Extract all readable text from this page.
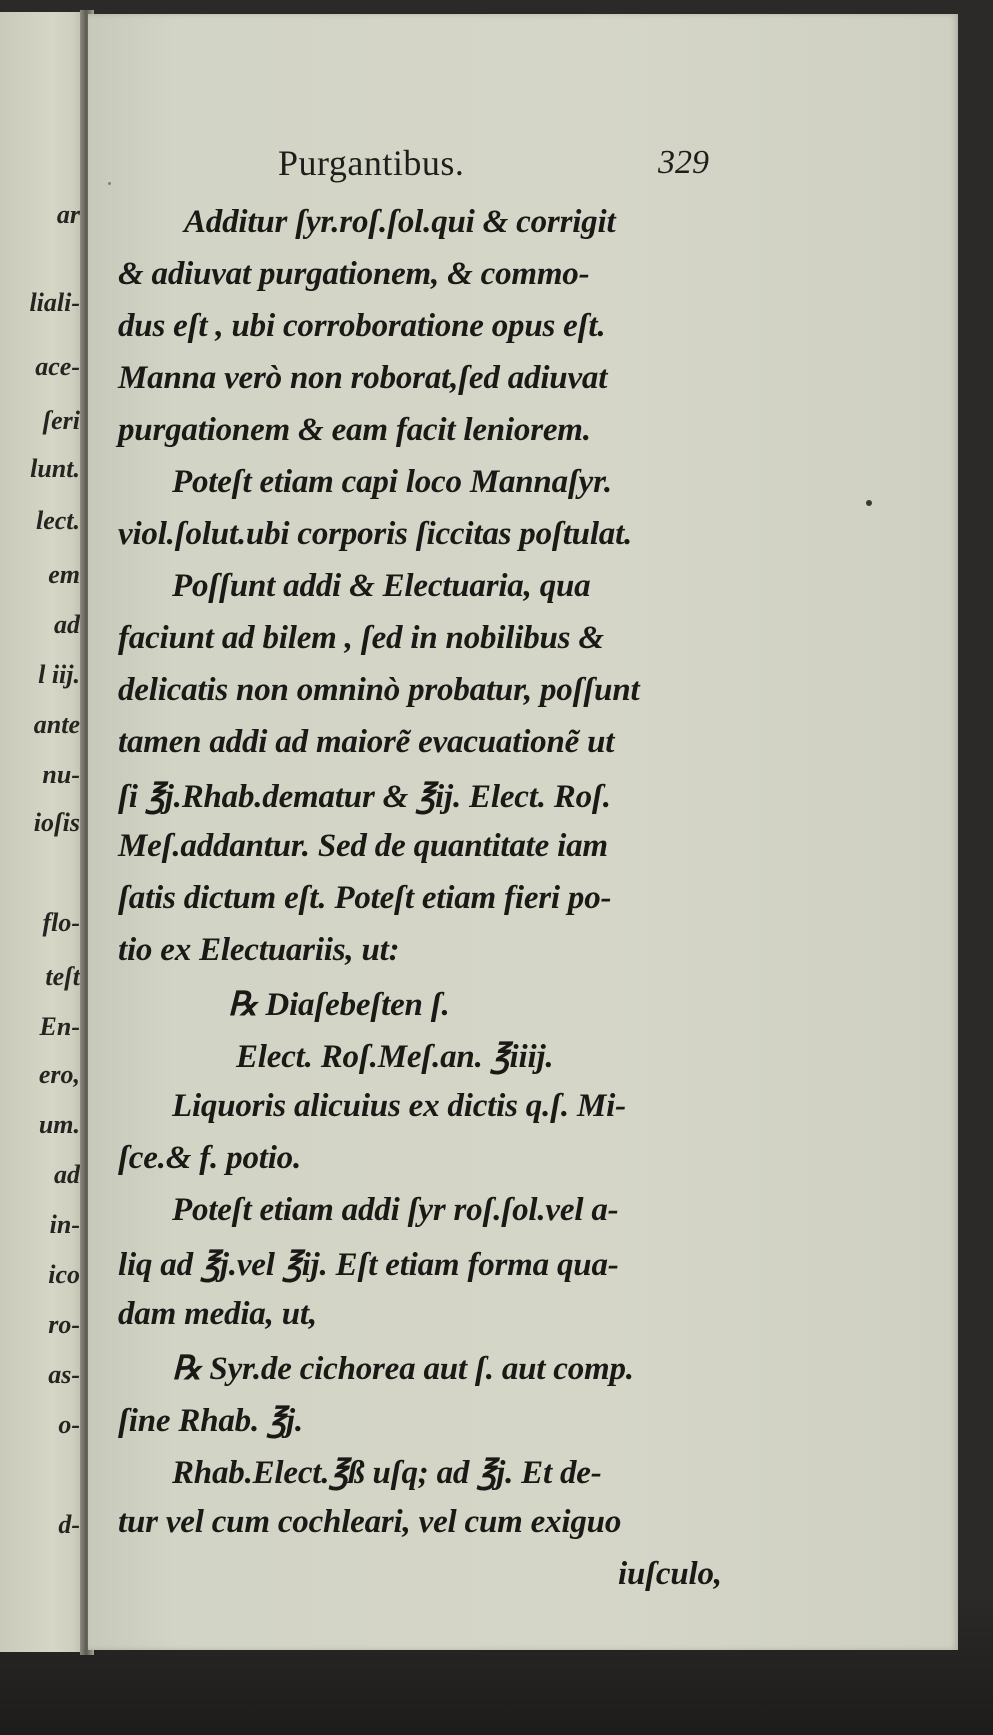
ar
liali-
ace-
ſeri
lunt.
lect.
em
ad
l iij.
ante
nu-
ioſis
flo-
teſt
En-
ero,
um.
ad
in-
ico
ro-
as-
o-
d-
Purgantibus.	329
Additur ſyr.roſ.ſol.qui & corrigit
& adiuvat purgationem, & commo-
dus eſt , ubi corroboratione opus eſt.
Manna verò non roborat,ſed adiuvat
purgationem & eam facit leniorem.
Poteſt etiam capi loco Mannaſyr.
viol.ſolut.ubi corporis ſiccitas poſtulat.
Poſſunt addi & Electuaria, qua
faciunt ad bilem , ſed in nobilibus &
delicatis non omninò probatur, poſſunt
tamen addi ad maiorẽ evacuationẽ ut
ſi ℥j.Rhab.dematur & ℥ij. Elect. Roſ.
Meſ.addantur. Sed de quantitate iam
ſatis dictum eſt. Poteſt etiam fieri po-
tio ex Electuariis, ut:
℞ Diaſebeſten ſ.
Elect. Roſ.Meſ.an. ℥iiij.
Liquoris alicuius ex dictis q.ſ. Mi-
ſce.& f. potio.
Poteſt etiam addi ſyr roſ.ſol.vel a-
liq ad ℥j.vel ℥ij. Eſt etiam forma qua-
dam media, ut,
℞ Syr.de cichorea aut ſ. aut comp.
ſine Rhab. ℥j.
Rhab.Elect.℥ß uſq; ad ℥j. Et de-
tur vel cum cochleari, vel cum exiguo
iuſculo,
